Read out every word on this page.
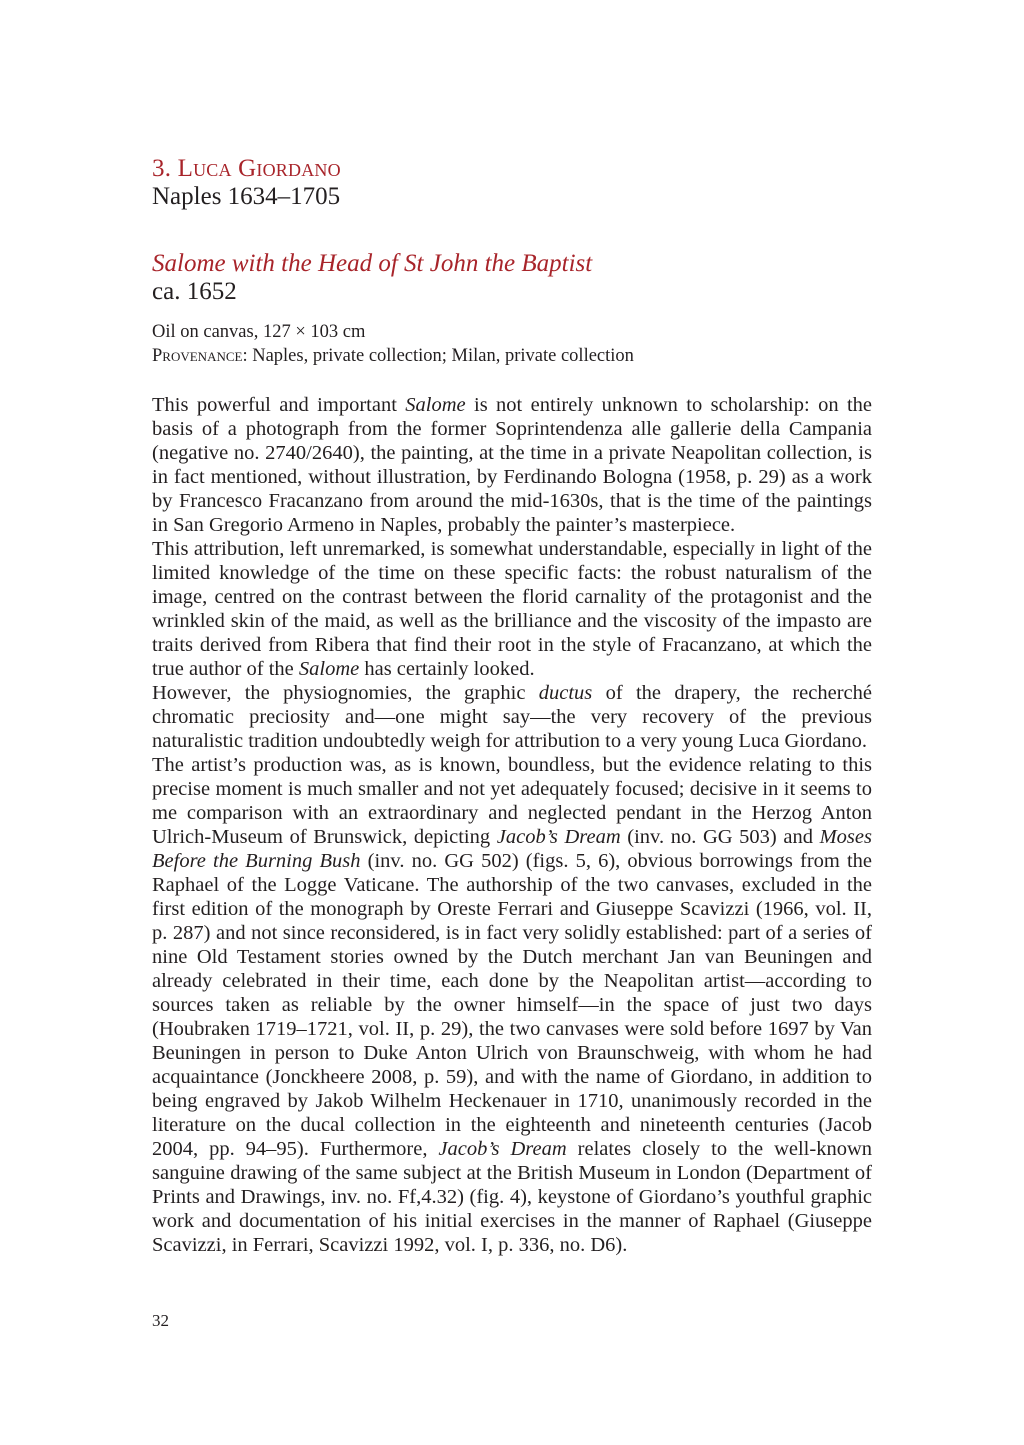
3. Luca Giordano
Naples 1634–1705
Salome with the Head of St John the Baptist
ca. 1652
Oil on canvas, 127 × 103 cm
Provenance: Naples, private collection; Milan, private collection

This powerful and important Salome is not entirely unknown to scholarship: on the basis of a photograph from the former Soprintendenza alle gallerie della Campania (negative no. 2740/2640), the painting, at the time in a private Neapolitan collection, is in fact mentioned, without illustration, by Ferdinando Bologna (1958, p. 29) as a work by Francesco Fracanzano from around the mid-1630s, that is the time of the paintings in San Gregorio Armeno in Naples, probably the painter’s masterpiece.

This attribution, left unremarked, is somewhat understandable, especially in light of the limited knowledge of the time on these specific facts: the robust naturalism of the image, centred on the contrast between the florid carnality of the protagonist and the wrinkled skin of the maid, as well as the brilliance and the viscosity of the impasto are traits derived from Ribera that find their root in the style of Fracanzano, at which the true author of the Salome has certainly looked.

However, the physiognomies, the graphic ductus of the drapery, the recherché chromatic preciosity and—one might say—the very recovery of the previous naturalistic tradition undoubtedly weigh for attribution to a very young Luca Giordano.

The artist’s production was, as is known, boundless, but the evidence relating to this precise moment is much smaller and not yet adequately focused; decisive in it seems to me comparison with an extraordinary and neglected pendant in the Herzog Anton Ulrich-Museum of Brunswick, depicting Jacob’s Dream (inv. no. GG 503) and Moses Before the Burning Bush (inv. no. GG 502) (figs. 5, 6), obvious borrowings from the Raphael of the Logge Vaticane. The authorship of the two canvases, excluded in the first edition of the monograph by Oreste Ferrari and Giuseppe Scavizzi (1966, vol. II, p. 287) and not since reconsidered, is in fact very solidly established: part of a series of nine Old Testament stories owned by the Dutch merchant Jan van Beuningen and already celebrated in their time, each done by the Neapolitan artist—according to sources taken as reliable by the owner himself—in the space of just two days (Houbraken 1719–1721, vol. II, p. 29), the two canvases were sold before 1697 by Van Beuningen in person to Duke Anton Ulrich von Braunschweig, with whom he had acquaintance (Jonckheere 2008, p. 59), and with the name of Giordano, in addition to being engraved by Jakob Wilhelm Heckenauer in 1710, unanimously recorded in the literature on the ducal collection in the eighteenth and nineteenth centuries (Jacob 2004, pp. 94–95). Furthermore, Jacob’s Dream relates closely to the well-known sanguine drawing of the same subject at the British Museum in London (Department of Prints and Drawings, inv. no. Ff,4.32) (fig. 4), keystone of Giordano’s youthful graphic work and documentation of his initial exercises in the manner of Raphael (Giuseppe Scavizzi, in Ferrari, Scavizzi 1992, vol. I, p. 336, no. D6).

32
